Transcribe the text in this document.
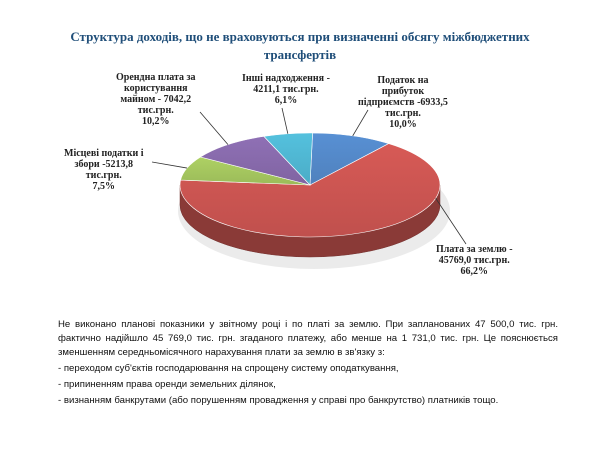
Структура доходів, що не враховуються при визначенні обсягу міжбюджетних трансфертів
Податок на
прибуток
підприємств -6933,5
тис.грн.
10,0%
Плата за землю -
45769,0 тис.грн.
66,2%
Місцеві податки і
збори -5213,8
тис.грн.
7,5%
Орендна плата за
користування
майном - 7042,2
тис.грн.
10,2%
Інші надходження -
4211,1 тис.грн.
6,1%

Не виконано планові показники у звітному році і по платі за землю. При запланованих 47 500,0 тис. грн. фактично надійшло 45 769,0 тис. грн. згаданого платежу, або менше на 1 731,0 тис. грн. Це пояснюється зменшенням середньомісячного нарахування плати за землю в зв'язку з:

- переходом суб'єктів господарювання на спрощену систему оподаткування,

- припиненням права оренди земельних ділянок,

- визнанням банкрутами (або порушенням провадження у справі про банкрутство) платників тощо.
